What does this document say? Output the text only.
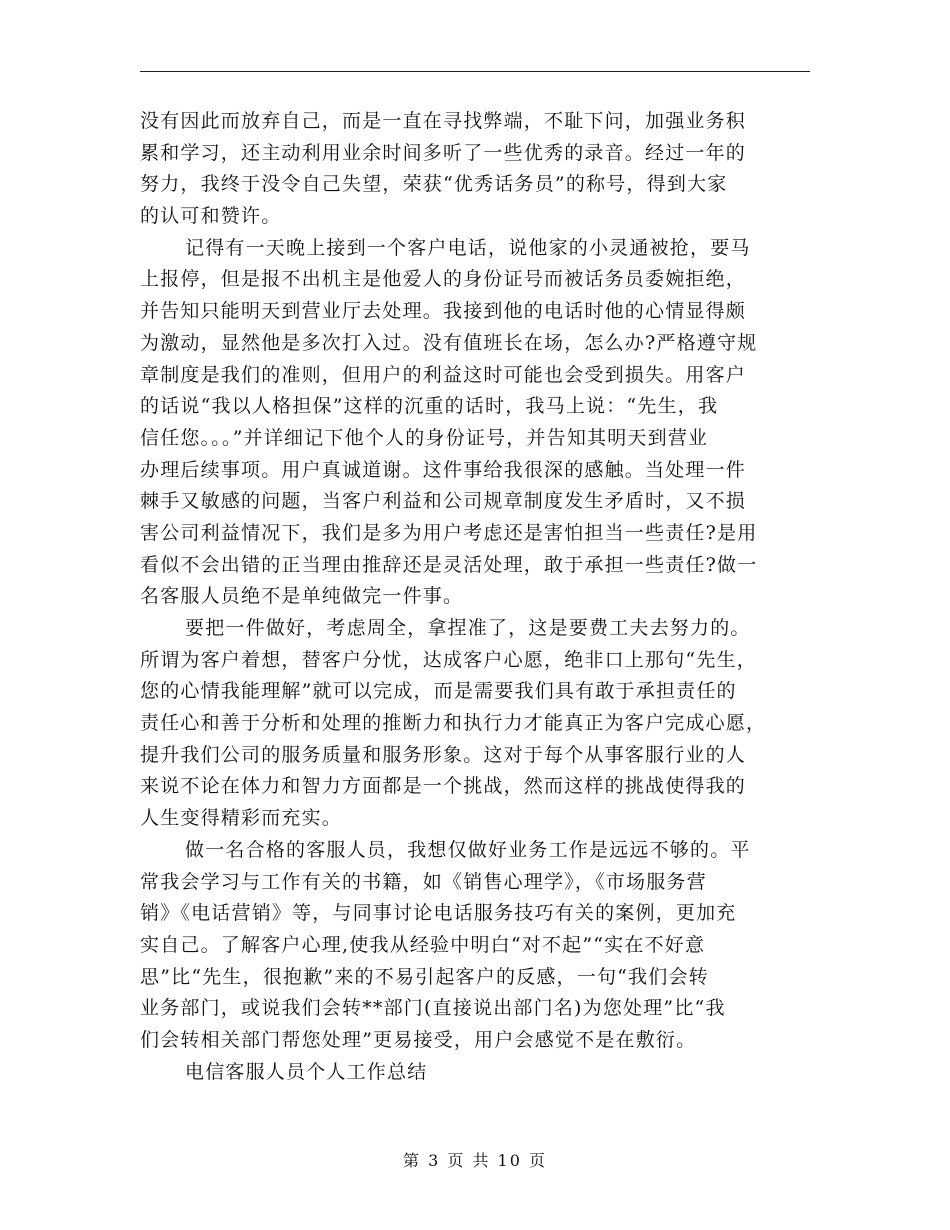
没有因此而放弃自己，而是一直在寻找弊端，不耻下问，加强业务积
累和学习，还主动利用业余时间多听了一些优秀的录音。经过一年的
努力，我终于没令自己失望，荣获“优秀话务员”的称号，得到大家
的认可和赞许。
记得有一天晚上接到一个客户电话，说他家的小灵通被抢，要马
上报停，但是报不出机主是他爱人的身份证号而被话务员委婉拒绝，
并告知只能明天到营业厅去处理。我接到他的电话时他的心情显得颇
为激动，显然他是多次打入过。没有值班长在场，怎么办?严格遵守规
章制度是我们的准则，但用户的利益这时可能也会受到损失。用客户
的话说“我以人格担保”这样的沉重的话时，我马上说：“先生，我
信任您。。。”并详细记下他个人的身份证号，并告知其明天到营业
办理后续事项。用户真诚道谢。这件事给我很深的感触。当处理一件
棘手又敏感的问题，当客户利益和公司规章制度发生矛盾时，又不损
害公司利益情况下，我们是多为用户考虑还是害怕担当一些责任?是用
看似不会出错的正当理由推辞还是灵活处理，敢于承担一些责任?做一
名客服人员绝不是单纯做完一件事。
要把一件做好，考虑周全，拿捏准了，这是要费工夫去努力的。
所谓为客户着想，替客户分忧，达成客户心愿，绝非口上那句“先生，
您的心情我能理解”就可以完成，而是需要我们具有敢于承担责任的
责任心和善于分析和处理的推断力和执行力才能真正为客户完成心愿，
提升我们公司的服务质量和服务形象。这对于每个从事客服行业的人
来说不论在体力和智力方面都是一个挑战，然而这样的挑战使得我的
人生变得精彩而充实。
做一名合格的客服人员，我想仅做好业务工作是远远不够的。平
常我会学习与工作有关的书籍，如《销售心理学》，《市场服务营
销》《电话营销》等，与同事讨论电话服务技巧有关的案例，更加充
实自己。了解客户心理,使我从经验中明白“对不起”“实在不好意
思”比“先生，很抱歉”来的不易引起客户的反感，一句“我们会转
业务部门，或说我们会转**部门(直接说出部门名)为您处理”比“我
们会转相关部门帮您处理”更易接受，用户会感觉不是在敷衍。
电信客服人员个人工作总结
第 3 页 共 10 页
